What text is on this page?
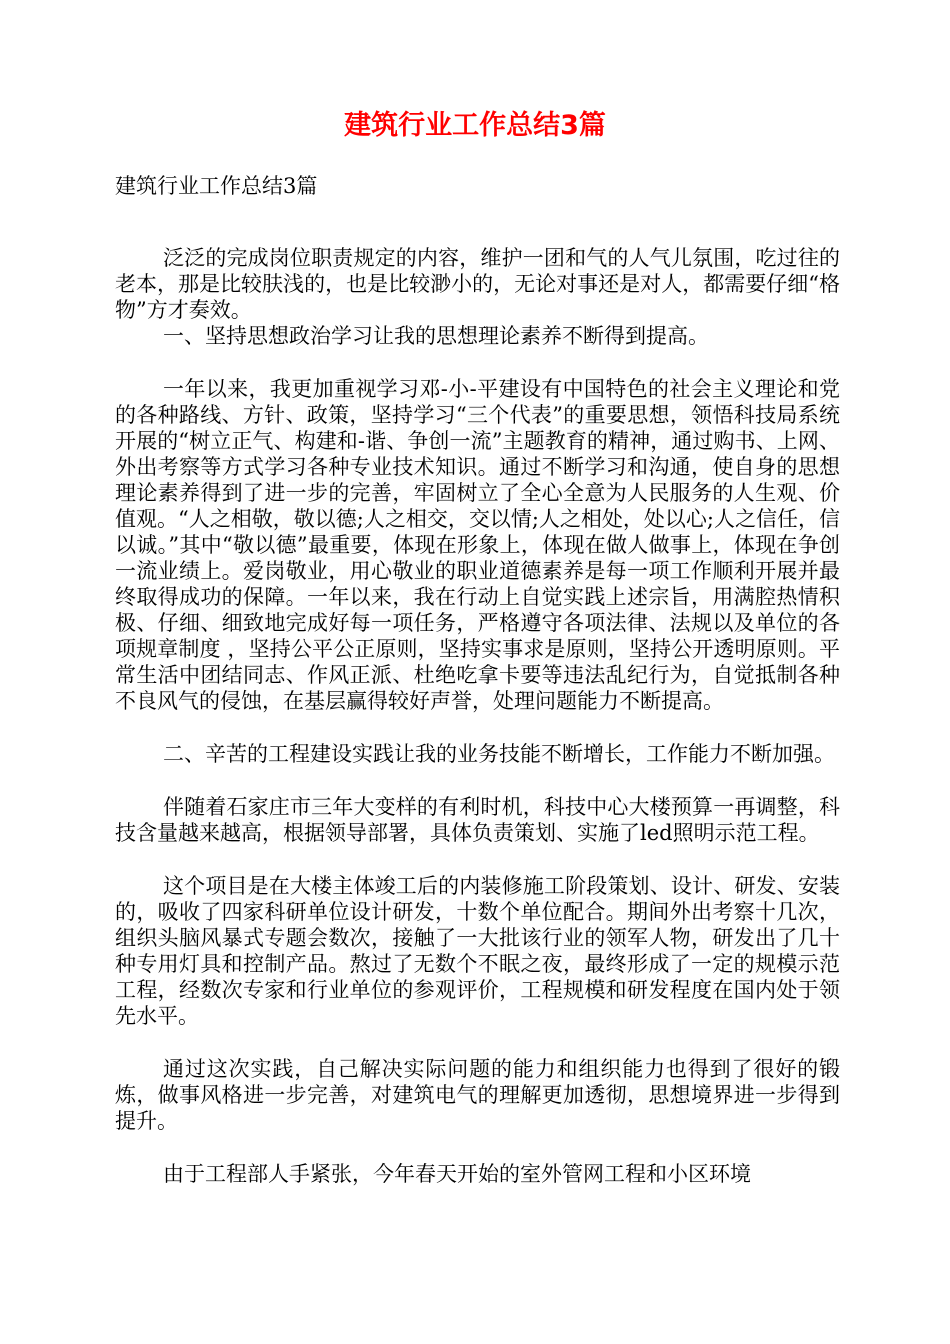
建筑行业工作总结3篇

建筑行业工作总结3篇

泛泛的完成岗位职责规定的内容，维护一团和气的人气儿氛围，吃过往的老本，那是比较肤浅的，也是比较渺小的，无论对事还是对人，都需要仔细“格物”方才奏效。

一、坚持思想政治学习让我的思想理论素养不断得到提高。

一年以来，我更加重视学习邓-小-平建设有中国特色的社会主义理论和党的各种路线、方针、政策，坚持学习“三个代表”的重要思想，领悟科技局系统开展的“树立正气、构建和-谐、争创一流”主题教育的精神，通过购书、上网、外出考察等方式学习各种专业技术知识。通过不断学习和沟通，使自身的思想理论素养得到了进一步的完善，牢固树立了全心全意为人民服务的人生观、价值观。“人之相敬，敬以德;人之相交，交以情;人之相处，处以心;人之信任，信以诚。”其中“敬以德”最重要，体现在形象上，体现在做人做事上，体现在争创一流业绩上。爱岗敬业，用心敬业的职业道德素养是每一项工作顺利开展并最终取得成功的保障。一年以来，我在行动上自觉实践上述宗旨，用满腔热情积极、仔细、细致地完成好每一项任务，严格遵守各项法律、法规以及单位的各项规章制度 ，坚持公平公正原则，坚持实事求是原则，坚持公开透明原则。平常生活中团结同志、作风正派、杜绝吃拿卡要等违法乱纪行为，自觉抵制各种不良风气的侵蚀，在基层赢得较好声誉，处理问题能力不断提高。

二、辛苦的工程建设实践让我的业务技能不断增长，工作能力不断加强。

伴随着石家庄市三年大变样的有利时机，科技中心大楼预算一再调整，科技含量越来越高，根据领导部署，具体负责策划、实施了led照明示范工程。

这个项目是在大楼主体竣工后的内装修施工阶段策划、设计、研发、安装的，吸收了四家科研单位设计研发，十数个单位配合。期间外出考察十几次，组织头脑风暴式专题会数次，接触了一大批该行业的领军人物，研发出了几十种专用灯具和控制产品。熬过了无数个不眠之夜，最终形成了一定的规模示范工程，经数次专家和行业单位的参观评价，工程规模和研发程度在国内处于领先水平。

通过这次实践，自己解决实际问题的能力和组织能力也得到了很好的锻炼，做事风格进一步完善，对建筑电气的理解更加透彻，思想境界进一步得到提升。

由于工程部人手紧张，今年春天开始的室外管网工程和小区环境
